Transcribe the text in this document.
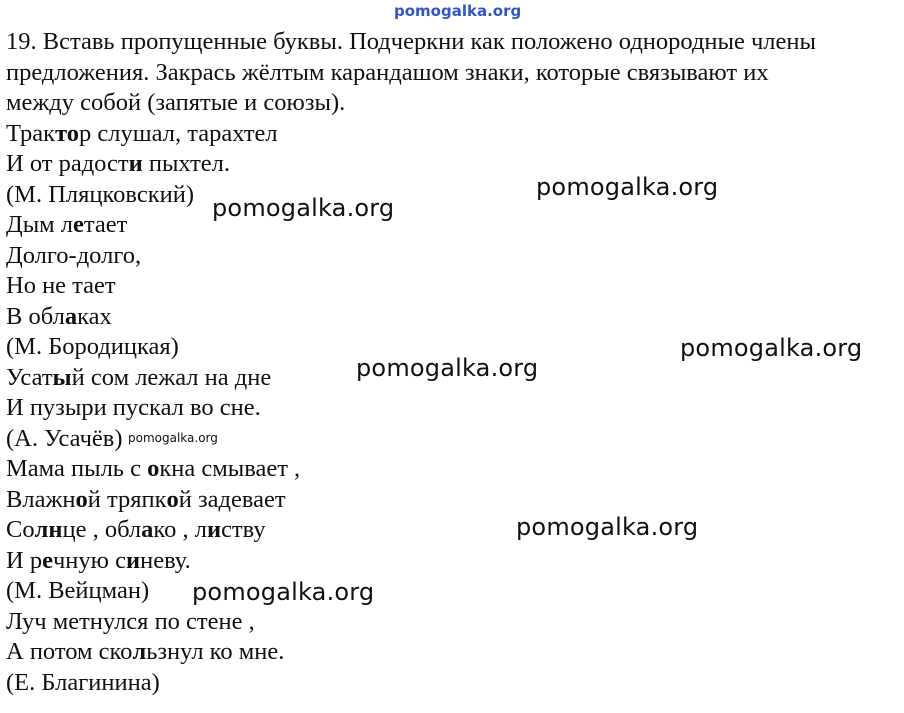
19. Вставь пропущенные буквы. Подчеркни как положено однородные члены
предложения. Закрась жёлтым карандашом знаки, которые связывают их
между собой (запятые и союзы).
Трактор слушал, тарахтел
И от радости пыхтел.
(М. Пляцковский)
Дым летает
Долго-долго,
Но не тает
В облаках
(М. Бородицкая)
Усатый сом лежал на дне
И пузыри пускал во сне.
(А. Усачёв)
Мама пыль с окна смывает ,
Влажной тряпкой задевает
Солнце , облако , листву
И речную синеву.
(М. Вейцман)
Луч метнулся по стене ,
А потом скользнул ко мне.
(Е. Благинина)
pomogalka.org
pomogalka.org
pomogalka.org
pomogalka.org
pomogalka.org
pomogalka.org
pomogalka.org
pomogalka.org
